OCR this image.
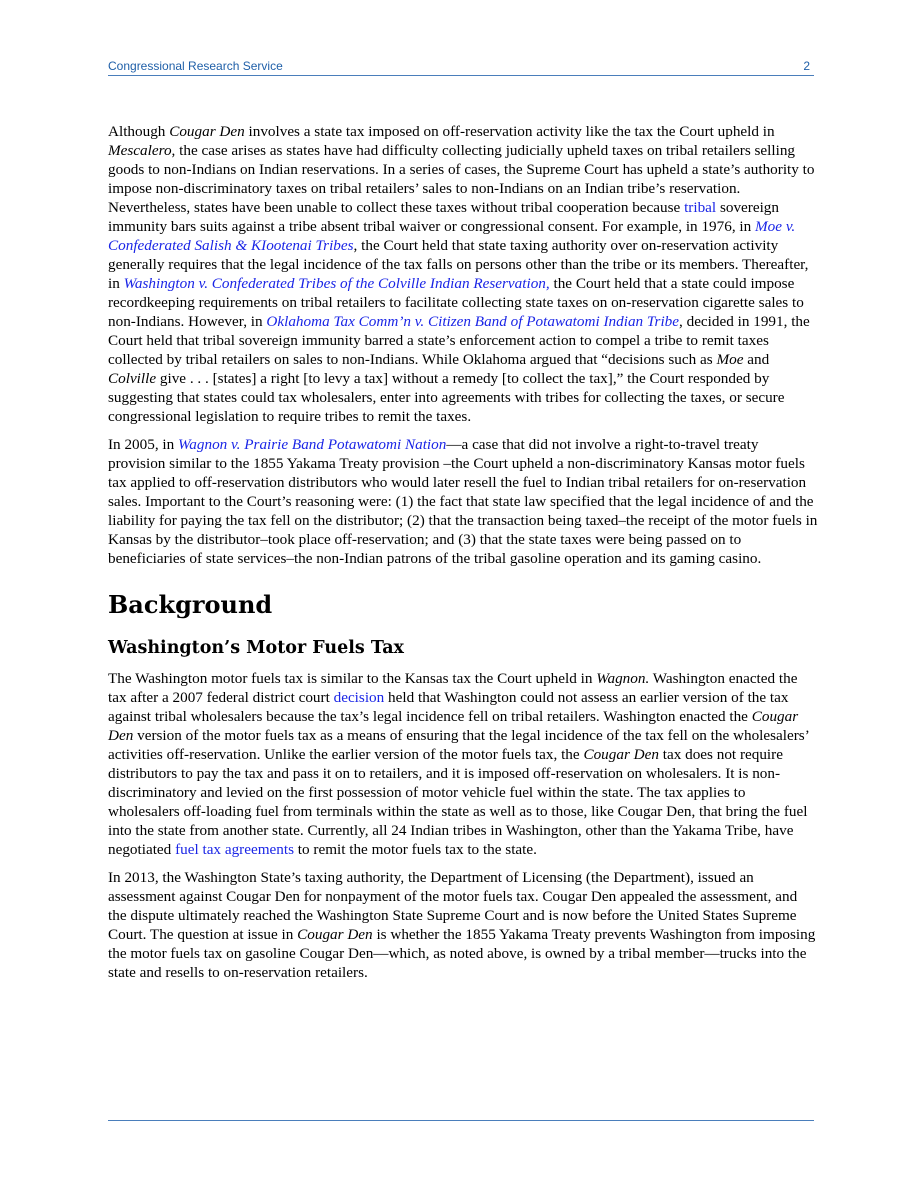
Congressional Research Service	2

Although Cougar Den involves a state tax imposed on off-reservation activity like the tax the Court upheld in Mescalero, the case arises as states have had difficulty collecting judicially upheld taxes on tribal retailers selling goods to non-Indians on Indian reservations. In a series of cases, the Supreme Court has upheld a state’s authority to impose non-discriminatory taxes on tribal retailers’ sales to non-Indians on an Indian tribe’s reservation. Nevertheless, states have been unable to collect these taxes without tribal cooperation because tribal sovereign immunity bars suits against a tribe absent tribal waiver or congressional consent. For example, in 1976, in Moe v. Confederated Salish & KIootenai Tribes, the Court held that state taxing authority over on-reservation activity generally requires that the legal incidence of the tax falls on persons other than the tribe or its members. Thereafter, in Washington v. Confederated Tribes of the Colville Indian Reservation, the Court held that a state could impose recordkeeping requirements on tribal retailers to facilitate collecting state taxes on on-reservation cigarette sales to non-Indians. However, in Oklahoma Tax Comm’n v. Citizen Band of Potawatomi Indian Tribe, decided in 1991, the Court held that tribal sovereign immunity barred a state’s enforcement action to compel a tribe to remit taxes collected by tribal retailers on sales to non-Indians. While Oklahoma argued that “decisions such as Moe and Colville give . . . [states] a right [to levy a tax] without a remedy [to collect the tax],” the Court responded by suggesting that states could tax wholesalers, enter into agreements with tribes for collecting the taxes, or secure congressional legislation to require tribes to remit the taxes.

In 2005, in Wagnon v. Prairie Band Potawatomi Nation—a case that did not involve a right-to-travel treaty provision similar to the 1855 Yakama Treaty provision –the Court upheld a non-discriminatory Kansas motor fuels tax applied to off-reservation distributors who would later resell the fuel to Indian tribal retailers for on-reservation sales. Important to the Court’s reasoning were: (1) the fact that state law specified that the legal incidence of and the liability for paying the tax fell on the distributor; (2) that the transaction being taxed–the receipt of the motor fuels in Kansas by the distributor–took place off-reservation; and (3) that the state taxes were being passed on to beneficiaries of state services–the non-Indian patrons of the tribal gasoline operation and its gaming casino.

Background
Washington’s Motor Fuels Tax

The Washington motor fuels tax is similar to the Kansas tax the Court upheld in Wagnon. Washington enacted the tax after a 2007 federal district court decision held that Washington could not assess an earlier version of the tax against tribal wholesalers because the tax’s legal incidence fell on tribal retailers. Washington enacted the Cougar Den version of the motor fuels tax as a means of ensuring that the legal incidence of the tax fell on the wholesalers’ activities off-reservation. Unlike the earlier version of the motor fuels tax, the Cougar Den tax does not require distributors to pay the tax and pass it on to retailers, and it is imposed off-reservation on wholesalers. It is non-discriminatory and levied on the first possession of motor vehicle fuel within the state. The tax applies to wholesalers off-loading fuel from terminals within the state as well as to those, like Cougar Den, that bring the fuel into the state from another state. Currently, all 24 Indian tribes in Washington, other than the Yakama Tribe, have negotiated fuel tax agreements to remit the motor fuels tax to the state.

In 2013, the Washington State’s taxing authority, the Department of Licensing (the Department), issued an assessment against Cougar Den for nonpayment of the motor fuels tax. Cougar Den appealed the assessment, and the dispute ultimately reached the Washington State Supreme Court and is now before the United States Supreme Court. The question at issue in Cougar Den is whether the 1855 Yakama Treaty prevents Washington from imposing the motor fuels tax on gasoline Cougar Den—which, as noted above, is owned by a tribal member—trucks into the state and resells to on-reservation retailers.
